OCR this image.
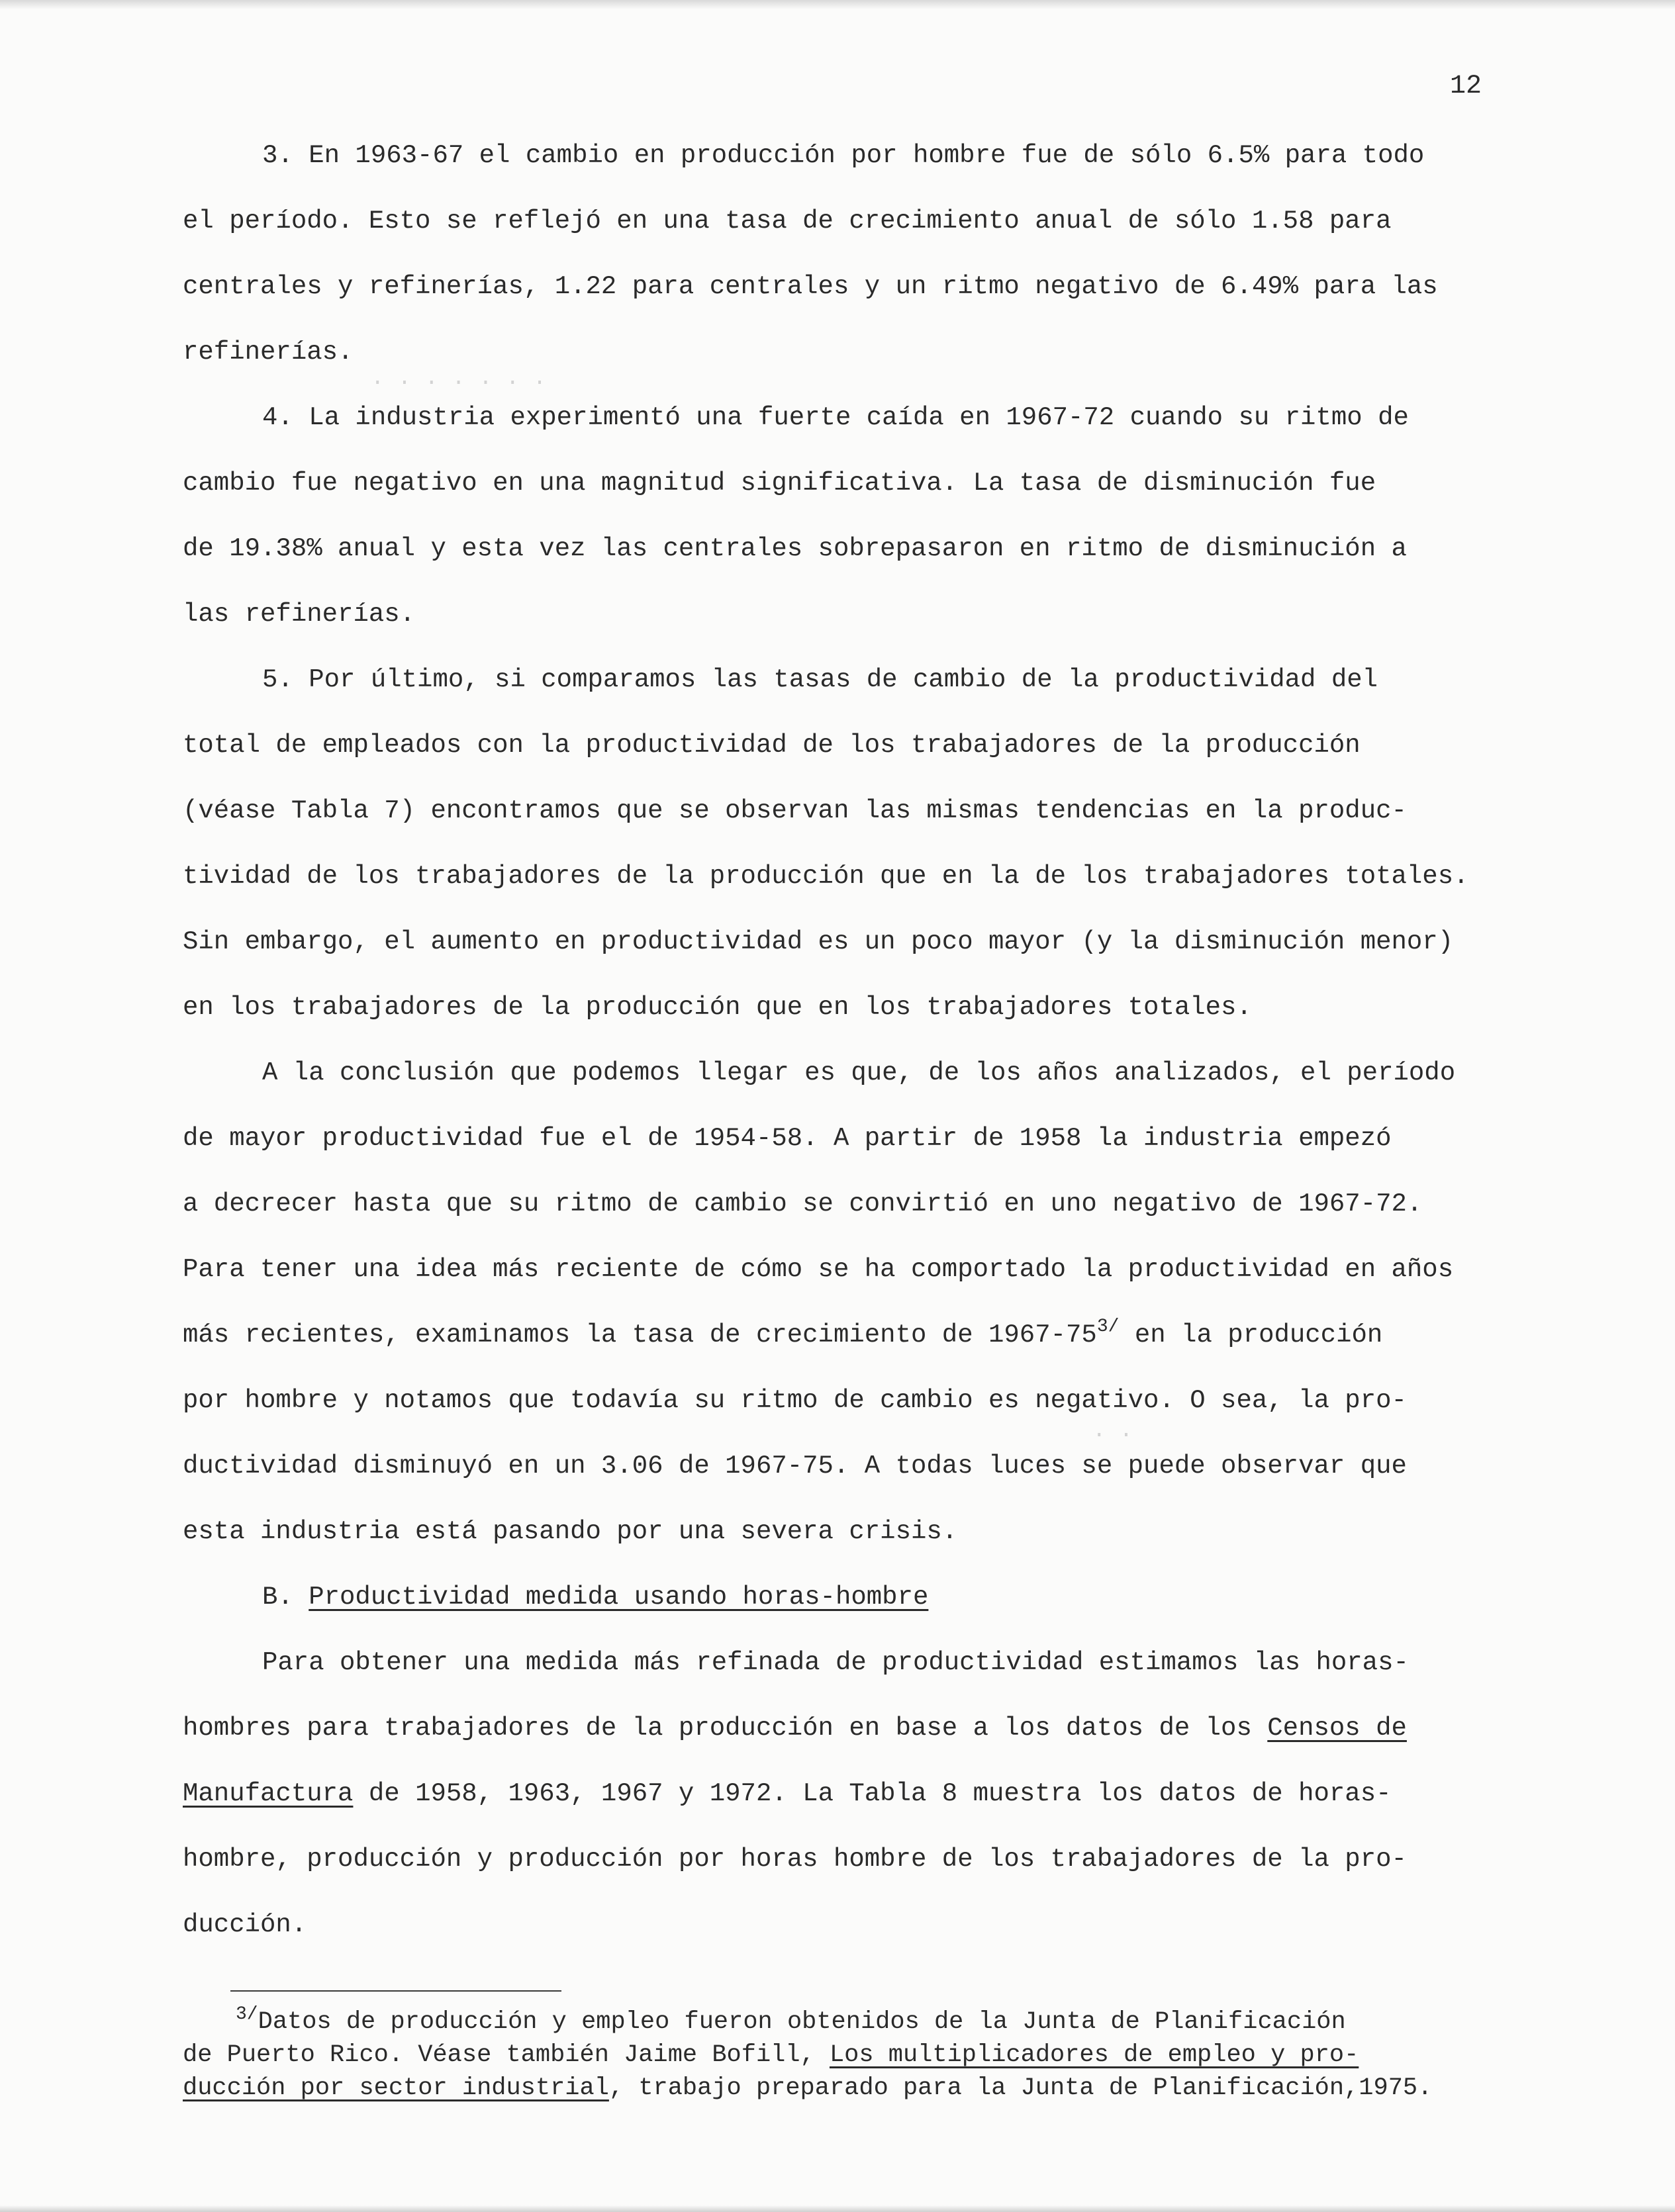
· · · · · · ·
· ·
12
3. En 1963-67 el cambio en producción por hombre fue de sólo 6.5% para todo
el período. Esto se reflejó en una tasa de crecimiento anual de sólo 1.58 para
centrales y refinerías, 1.22 para centrales y un ritmo negativo de 6.49% para las
refinerías.
4. La industria experimentó una fuerte caída en 1967-72 cuando su ritmo de
cambio fue negativo en una magnitud significativa. La tasa de disminución fue
de 19.38% anual y esta vez las centrales sobrepasaron en ritmo de disminución a
las refinerías.
5. Por último, si comparamos las tasas de cambio de la productividad del
total de empleados con la productividad de los trabajadores de la producción
(véase Tabla 7) encontramos que se observan las mismas tendencias en la produc-
tividad de los trabajadores de la producción que en la de los trabajadores totales.
Sin embargo, el aumento en productividad es un poco mayor (y la disminución menor)
en los trabajadores de la producción que en los trabajadores totales.
A la conclusión que podemos llegar es que, de los años analizados, el período
de mayor productividad fue el de 1954-58. A partir de 1958 la industria empezó
a decrecer hasta que su ritmo de cambio se convirtió en uno negativo de 1967-72.
Para tener una idea más reciente de cómo se ha comportado la productividad en años
más recientes, examinamos la tasa de crecimiento de 1967-75$^{3/}$ en la producción
por hombre y notamos que todavía su ritmo de cambio es negativo. O sea, la pro-
ductividad disminuyó en un 3.06 de 1967-75. A todas luces se puede observar que
esta industria está pasando por una severa crisis.
B. Productividad medida usando horas-hombre
Para obtener una medida más refinada de productividad estimamos las horas-
hombres para trabajadores de la producción en base a los datos de los Censos de
Manufactura de 1958, 1963, 1967 y 1972. La Tabla 8 muestra los datos de horas-
hombre, producción y producción por horas hombre de los trabajadores de la pro-
ducción.
$^{3/}$Datos de producción y empleo fueron obtenidos de la Junta de Planificación
de Puerto Rico. Véase también Jaime Bofill, Los multiplicadores de empleo y pro-
ducción por sector industrial, trabajo preparado para la Junta de Planificación,1975.
